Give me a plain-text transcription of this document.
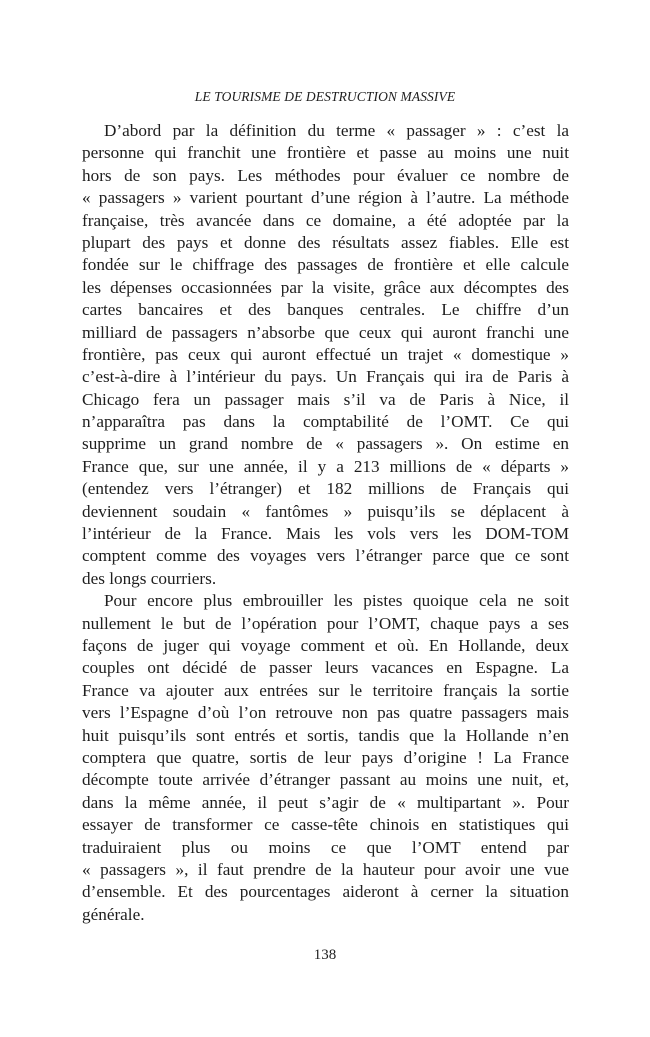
LE TOURISME DE DESTRUCTION MASSIVE
D’abord par la définition du terme « passager » : c’est la
personne qui franchit une frontière et passe au moins une nuit
hors de son pays. Les méthodes pour évaluer ce nombre de
« passagers » varient pourtant d’une région à l’autre. La méthode
française, très avancée dans ce domaine, a été adoptée par la
plupart des pays et donne des résultats assez fiables. Elle est
fondée sur le chiffrage des passages de frontière et elle calcule
les dépenses occasionnées par la visite, grâce aux décomptes des
cartes bancaires et des banques centrales. Le chiffre d’un
milliard de passagers n’absorbe que ceux qui auront franchi une
frontière, pas ceux qui auront effectué un trajet « domestique »
c’est-à-dire à l’intérieur du pays. Un Français qui ira de Paris à
Chicago fera un passager mais s’il va de Paris à Nice, il
n’apparaîtra pas dans la comptabilité de l’OMT. Ce qui
supprime un grand nombre de « passagers ». On estime en
France que, sur une année, il y a 213 millions de « départs »
(entendez vers l’étranger) et 182 millions de Français qui
deviennent soudain « fantômes » puisqu’ils se déplacent à
l’intérieur de la France. Mais les vols vers les DOM-TOM
comptent comme des voyages vers l’étranger parce que ce sont
des longs courriers.
Pour encore plus embrouiller les pistes quoique cela ne soit
nullement le but de l’opération pour l’OMT, chaque pays a ses
façons de juger qui voyage comment et où. En Hollande, deux
couples ont décidé de passer leurs vacances en Espagne. La
France va ajouter aux entrées sur le territoire français la sortie
vers l’Espagne d’où l’on retrouve non pas quatre passagers mais
huit puisqu’ils sont entrés et sortis, tandis que la Hollande n’en
comptera que quatre, sortis de leur pays d’origine ! La France
décompte toute arrivée d’étranger passant au moins une nuit, et,
dans la même année, il peut s’agir de « multipartant ». Pour
essayer de transformer ce casse-tête chinois en statistiques qui
traduiraient plus ou moins ce que l’OMT entend par
« passagers », il faut prendre de la hauteur pour avoir une vue
d’ensemble. Et des pourcentages aideront à cerner la situation
générale.
138
